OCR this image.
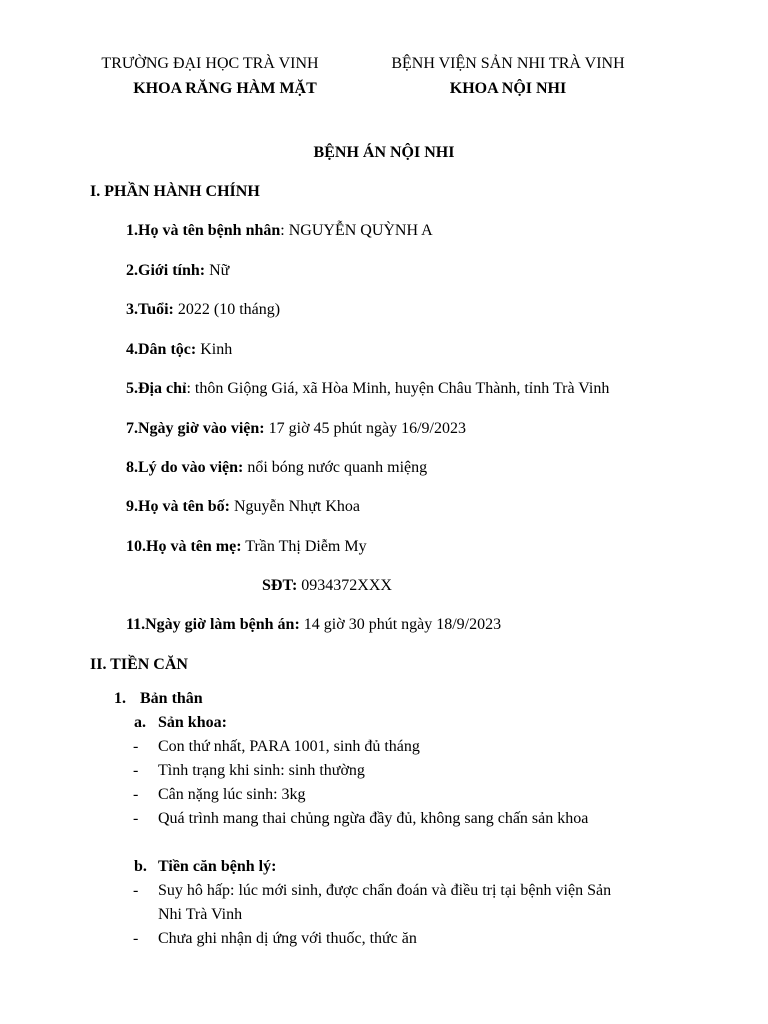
TRƯỜNG ĐẠI HỌC TRÀ VINH
KHOA RĂNG HÀM MẶT
BỆNH VIỆN SẢN NHI TRÀ VINH
KHOA NỘI NHI
BỆNH ÁN NỘI NHI
I. PHẦN HÀNH CHÍNH
1.Họ và tên bệnh nhân: NGUYỄN QUỲNH A
2.Giới tính: Nữ
3.Tuổi: 2022 (10 tháng)
4.Dân tộc: Kinh
5.Địa chỉ: thôn Giộng Giá, xã Hòa Minh, huyện Châu Thành, tỉnh Trà Vinh
7.Ngày giờ vào viện: 17 giờ 45 phút ngày 16/9/2023
8.Lý do vào viện: nổi bóng nước quanh miệng
9.Họ và tên bố: Nguyễn Nhựt Khoa
10.Họ và tên mẹ: Trần Thị Diễm My
SĐT: 0934372XXX
11.Ngày giờ làm bệnh án: 14 giờ 30 phút ngày 18/9/2023
II. TIỀN CĂN
1. Bản thân
a. Sản khoa:
- Con thứ nhất, PARA 1001, sinh đủ tháng
- Tình trạng khi sinh: sinh thường
- Cân nặng lúc sinh: 3kg
- Quá trình mang thai chủng ngừa đầy đủ, không sang chấn sản khoa
b. Tiền căn bệnh lý:
- Suy hô hấp: lúc mới sinh, được chẩn đoán và điều trị tại bệnh viện Sản
Nhi Trà Vinh
- Chưa ghi nhận dị ứng với thuốc, thức ăn
